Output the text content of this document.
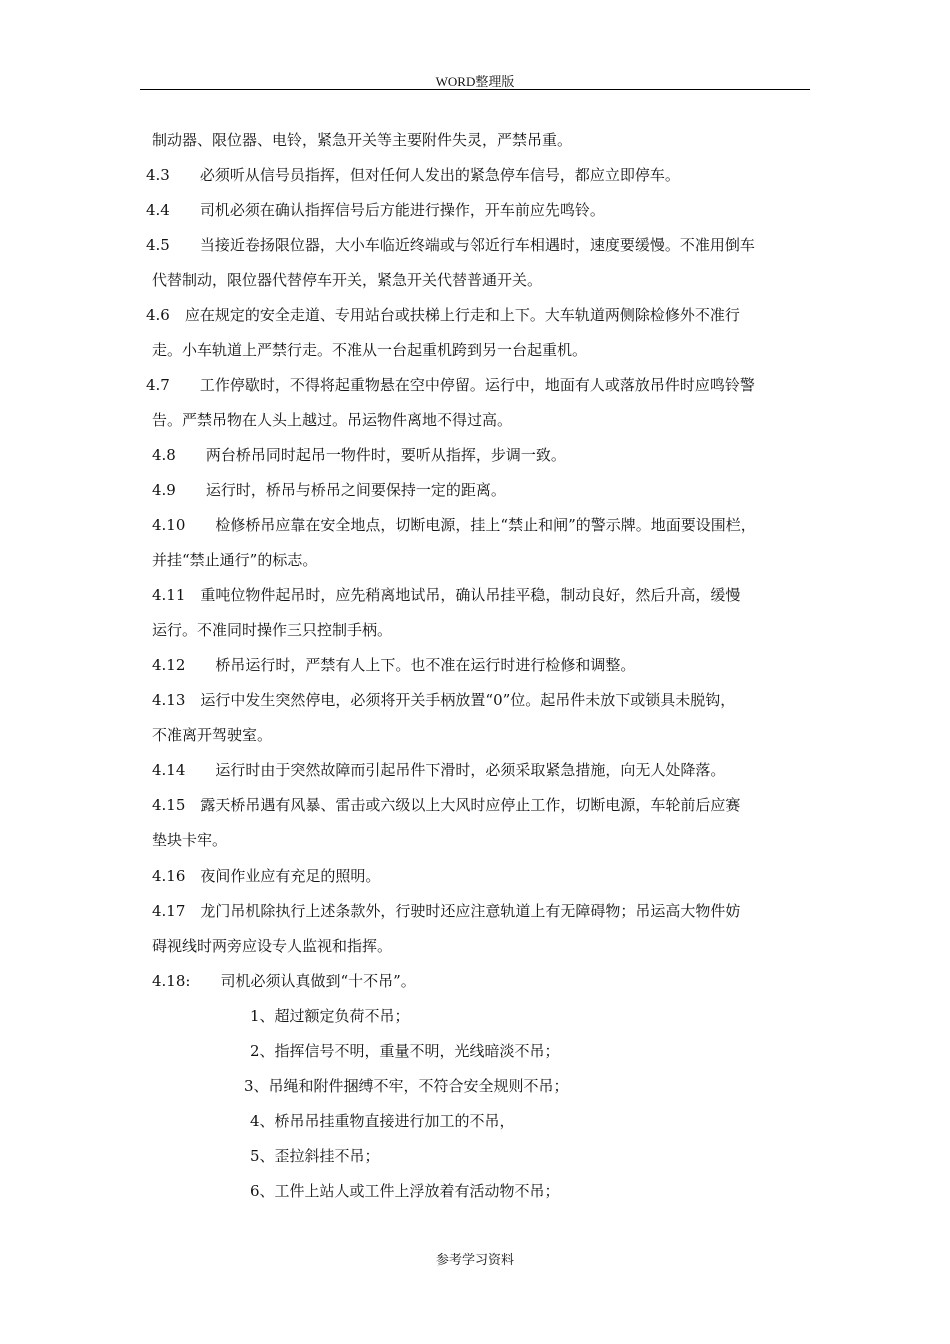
WORD整理版
制动器、限位器、电铃，紧急开关等主要附件失灵，严禁吊重。
4.3　　必须听从信号员指挥，但对任何人发出的紧急停车信号，都应立即停车。
4.4　　司机必须在确认指挥信号后方能进行操作，开车前应先鸣铃。
4.5　　当接近卷扬限位器，大小车临近终端或与邻近行车相遇时，速度要缓慢。不准用倒车
代替制动，限位器代替停车开关，紧急开关代替普通开关。
4.6　应在规定的安全走道、专用站台或扶梯上行走和上下。大车轨道两侧除检修外不准行
走。小车轨道上严禁行走。不准从一台起重机跨到另一台起重机。
4.7　　工作停歇时，不得将起重物悬在空中停留。运行中，地面有人或落放吊件时应鸣铃警
告。严禁吊物在人头上越过。吊运物件离地不得过高。
4.8　　两台桥吊同时起吊一物件时，要听从指挥，步调一致。
4.9　　运行时，桥吊与桥吊之间要保持一定的距离。
4.10　　检修桥吊应靠在安全地点，切断电源，挂上“禁止和闸”的警示牌。地面要设围栏，
并挂“禁止通行”的标志。
4.11　重吨位物件起吊时，应先稍离地试吊，确认吊挂平稳，制动良好，然后升高，缓慢
运行。不准同时操作三只控制手柄。
4.12　　桥吊运行时，严禁有人上下。也不准在运行时进行检修和调整。
4.13　运行中发生突然停电，必须将开关手柄放置“0”位。起吊件未放下或锁具未脱钩，
不准离开驾驶室。
4.14　　运行时由于突然故障而引起吊件下滑时，必须采取紧急措施，向无人处降落。
4.15　露天桥吊遇有风暴、雷击或六级以上大风时应停止工作，切断电源，车轮前后应赛
垫块卡牢。
4.16　夜间作业应有充足的照明。
4.17　龙门吊机除执行上述条款外，行驶时还应注意轨道上有无障碍物；吊运高大物件妨
碍视线时两旁应设专人监视和指挥。
4.18:　　司机必须认真做到“十不吊”。
1、超过额定负荷不吊；
2、指挥信号不明，重量不明，光线暗淡不吊；
3、吊绳和附件捆缚不牢，不符合安全规则不吊；
4、桥吊吊挂重物直接进行加工的不吊，
5、歪拉斜挂不吊；
6、工件上站人或工件上浮放着有活动物不吊；
参考学习资料
